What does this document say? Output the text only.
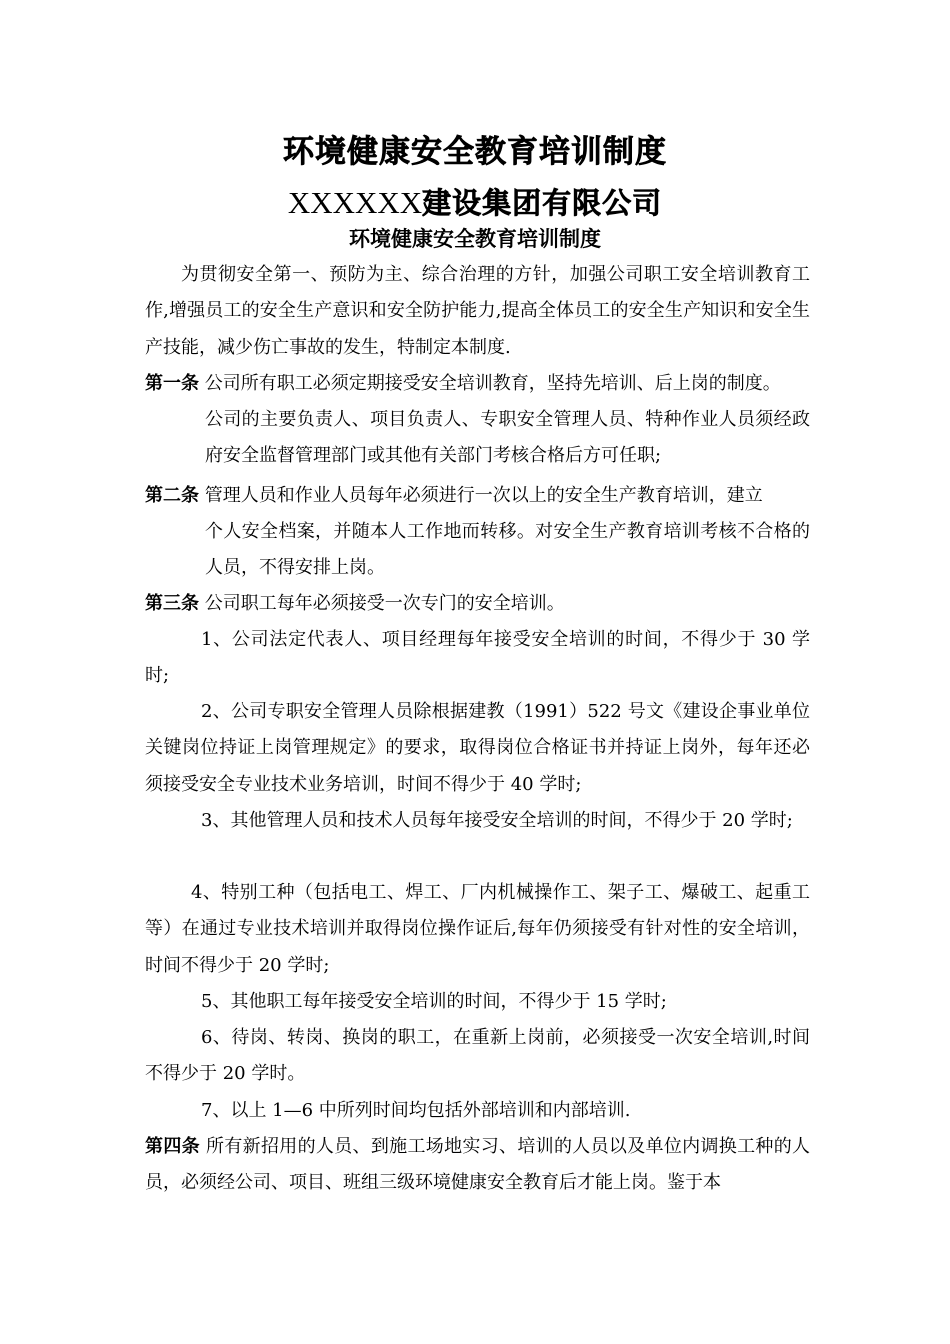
环境健康安全教育培训制度
XXXXXX建设集团有限公司
环境健康安全教育培训制度
为贯彻安全第一、预防为主、综合治理的方针，加强公司职工安全培训教育工作,增强员工的安全生产意识和安全防护能力,提高全体员工的安全生产知识和安全生产技能，减少伤亡事故的发生，特制定本制度.
第一条 公司所有职工必须定期接受安全培训教育，坚持先培训、后上岗的制度。
公司的主要负责人、项目负责人、专职安全管理人员、特种作业人员须经政府安全监督管理部门或其他有关部门考核合格后方可任职;
第二条 管理人员和作业人员每年必须进行一次以上的安全生产教育培训，建立
个人安全档案，并随本人工作地而转移。对安全生产教育培训考核不合格的人员，不得安排上岗。
第三条 公司职工每年必须接受一次专门的安全培训。
1、公司法定代表人、项目经理每年接受安全培训的时间，不得少于 30 学时;
2、公司专职安全管理人员除根据建教（1991）522 号文《建设企事业单位关键岗位持证上岗管理规定》的要求，取得岗位合格证书并持证上岗外，每年还必须接受安全专业技术业务培训，时间不得少于 40 学时;
3、其他管理人员和技术人员每年接受安全培训的时间，不得少于 20 学时;
4、特别工种（包括电工、焊工、厂内机械操作工、架子工、爆破工、起重工等）在通过专业技术培训并取得岗位操作证后,每年仍须接受有针对性的安全培训，时间不得少于 20 学时;
5、其他职工每年接受安全培训的时间，不得少于 15 学时;
6、待岗、转岗、换岗的职工，在重新上岗前，必须接受一次安全培训,时间不得少于 20 学时。
7、以上 1—6 中所列时间均包括外部培训和内部培训.
第四条 所有新招用的人员、到施工场地实习、培训的人员以及单位内调换工种的人员，必须经公司、项目、班组三级环境健康安全教育后才能上岗。鉴于本
